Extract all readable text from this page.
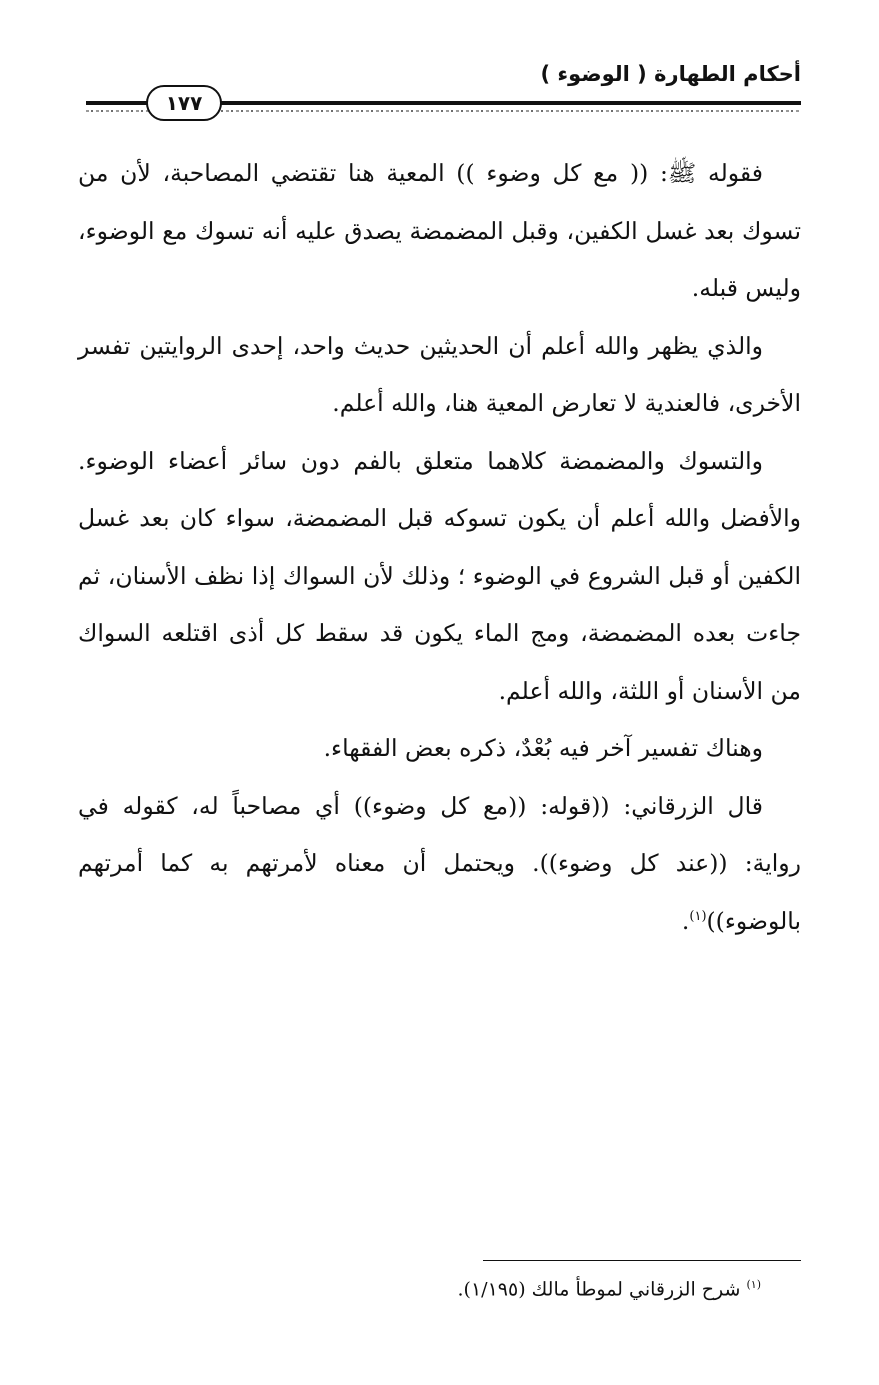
أحكام الطهارة ( الوضوء )
١٧٧

فقوله ﷺ: (( مع كل وضوء )) المعية هنا تقتضي المصاحبة، لأن من تسوك بعد غسل الكفين، وقبل المضمضة يصدق عليه أنه تسوك مع الوضوء، وليس قبله.

والذي يظهر والله أعلم أن الحديثين حديث واحد، إحدى الروايتين تفسر الأخرى، فالعندية لا تعارض المعية هنا، والله أعلم.

والتسوك والمضمضة كلاهما متعلق بالفم دون سائر أعضاء الوضوء. والأفضل والله أعلم أن يكون تسوكه قبل المضمضة، سواء كان بعد غسل الكفين أو قبل الشروع في الوضوء ؛ وذلك لأن السواك إذا نظف الأسنان، ثم جاءت بعده المضمضة، ومج الماء يكون قد سقط كل أذى اقتلعه السواك من الأسنان أو اللثة، والله أعلم.

وهناك تفسير آخر فيه بُعْدٌ، ذكره بعض الفقهاء.

قال الزرقاني: ((قوله: ((مع كل وضوء)) أي مصاحباً له، كقوله في رواية: ((عند كل وضوء)). ويحتمل أن معناه لأمرتهم به كما أمرتهم بالوضوء))$^{(١)}$.

$^{(١)}$ شرح الزرقاني لموطأ مالك (١/١٩٥).
